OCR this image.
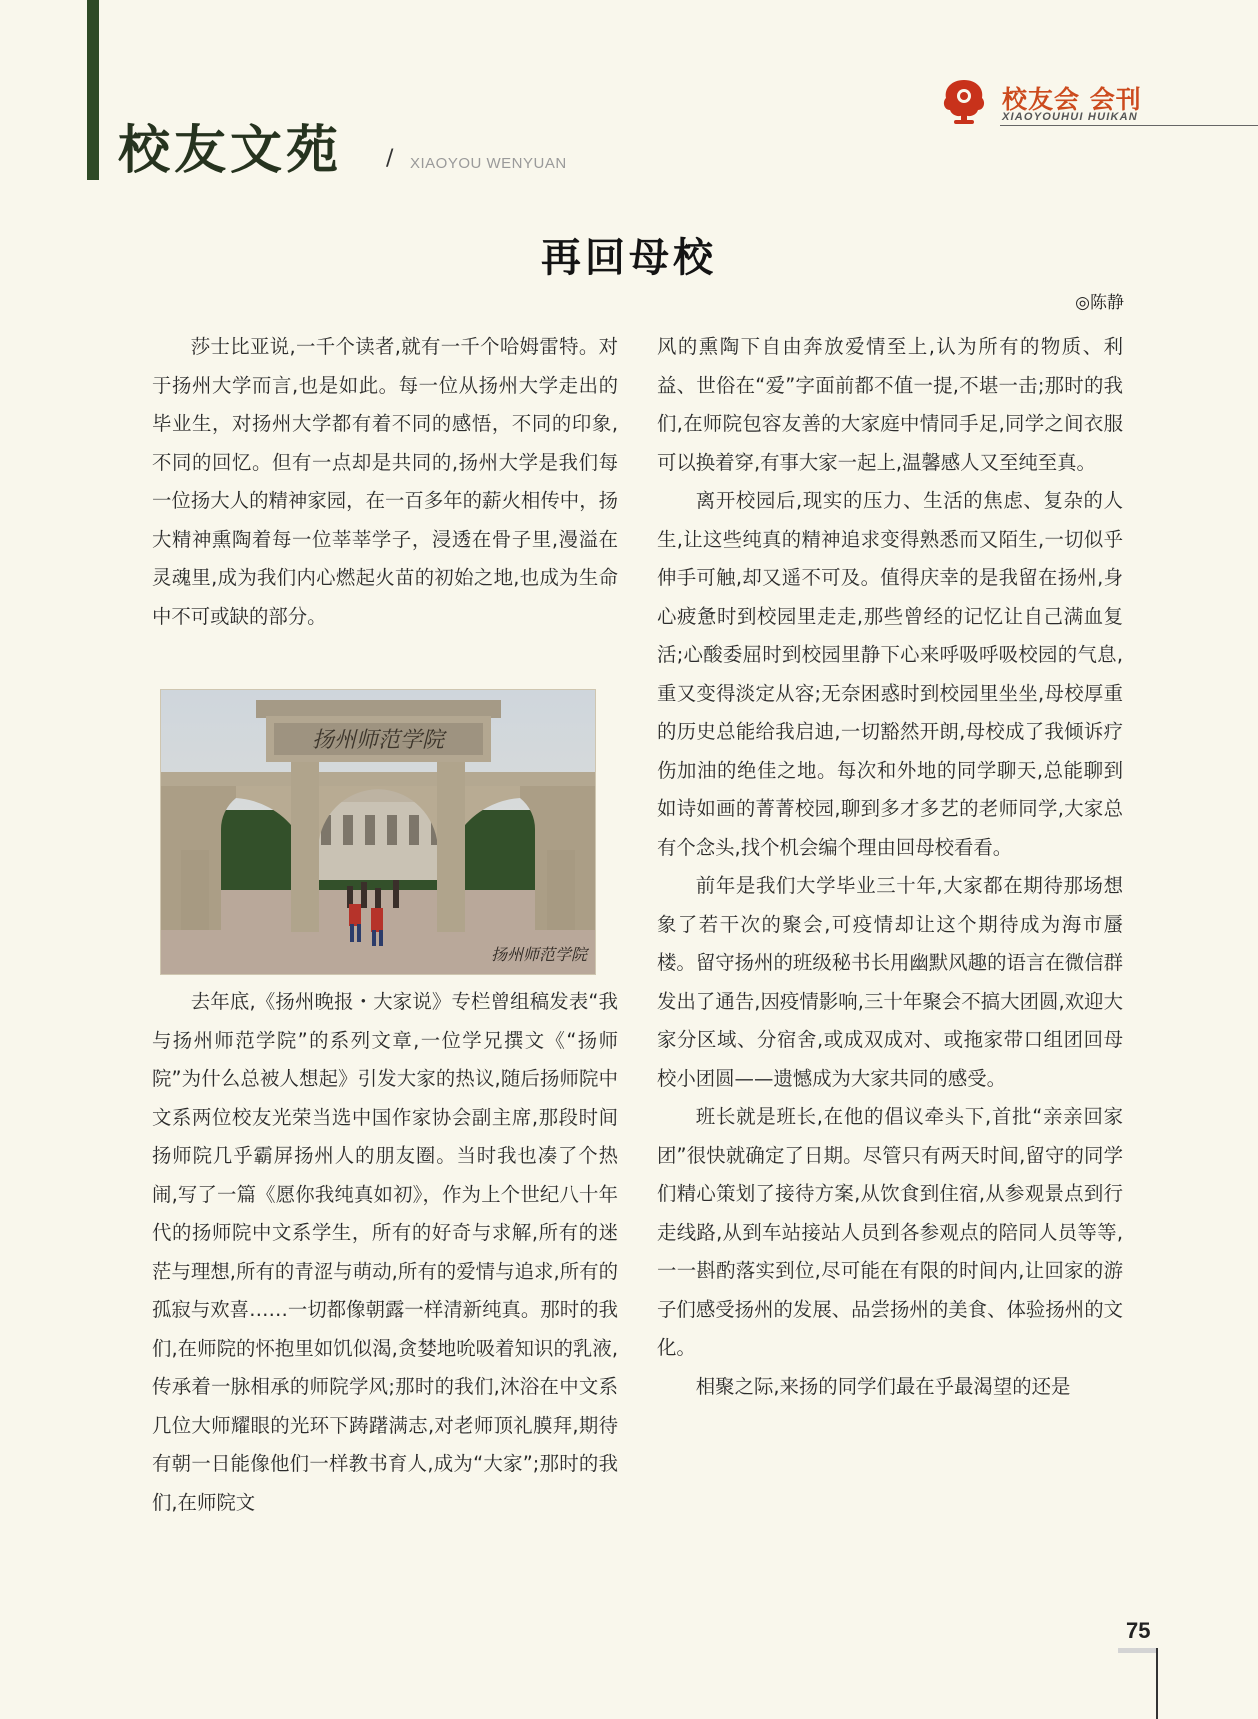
校友文苑 / XIAOYOU WENYUAN
校友会 会刊
XIAOYOUHUI HUIKAN
再回母校
◎陈静

莎士比亚说,一千个读者,就有一千个哈姆雷特。对于扬州大学而言,也是如此。每一位从扬州大学走出的毕业生，对扬州大学都有着不同的感悟，不同的印象,不同的回忆。但有一点却是共同的,扬州大学是我们每一位扬大人的精神家园，在一百多年的薪火相传中，扬大精神熏陶着每一位莘莘学子，浸透在骨子里,漫溢在灵魂里,成为我们内心燃起火苗的初始之地,也成为生命中不可或缺的部分。

扬州师范学院
扬州师范学院

去年底,《扬州晚报・大家说》专栏曾组稿发表“我与扬州师范学院”的系列文章,一位学兄撰文《“扬师院”为什么总被人想起》引发大家的热议,随后扬师院中文系两位校友光荣当选中国作家协会副主席,那段时间扬师院几乎霸屏扬州人的朋友圈。当时我也凑了个热闹,写了一篇《愿你我纯真如初》，作为上个世纪八十年代的扬师院中文系学生，所有的好奇与求解,所有的迷茫与理想,所有的青涩与萌动,所有的爱情与追求,所有的孤寂与欢喜……一切都像朝露一样清新纯真。那时的我们,在师院的怀抱里如饥似渴,贪婪地吮吸着知识的乳液,传承着一脉相承的师院学风;那时的我们,沐浴在中文系几位大师耀眼的光环下踌躇满志,对老师顶礼膜拜,期待有朝一日能像他们一样教书育人,成为“大家”;那时的我们,在师院文

风的熏陶下自由奔放爱情至上,认为所有的物质、利益、世俗在“爱”字面前都不值一提,不堪一击;那时的我们,在师院包容友善的大家庭中情同手足,同学之间衣服可以换着穿,有事大家一起上,温馨感人又至纯至真。

离开校园后,现实的压力、生活的焦虑、复杂的人生,让这些纯真的精神追求变得熟悉而又陌生,一切似乎伸手可触,却又遥不可及。值得庆幸的是我留在扬州,身心疲惫时到校园里走走,那些曾经的记忆让自己满血复活;心酸委屈时到校园里静下心来呼吸呼吸校园的气息,重又变得淡定从容;无奈困惑时到校园里坐坐,母校厚重的历史总能给我启迪,一切豁然开朗,母校成了我倾诉疗伤加油的绝佳之地。每次和外地的同学聊天,总能聊到如诗如画的菁菁校园,聊到多才多艺的老师同学,大家总有个念头,找个机会编个理由回母校看看。

前年是我们大学毕业三十年,大家都在期待那场想象了若干次的聚会,可疫情却让这个期待成为海市蜃楼。留守扬州的班级秘书长用幽默风趣的语言在微信群发出了通告,因疫情影响,三十年聚会不搞大团圆,欢迎大家分区域、分宿舍,或成双成对、或拖家带口组团回母校小团圆——遗憾成为大家共同的感受。

班长就是班长,在他的倡议牵头下,首批“亲亲回家团”很快就确定了日期。尽管只有两天时间,留守的同学们精心策划了接待方案,从饮食到住宿,从参观景点到行走线路,从到车站接站人员到各参观点的陪同人员等等,一一斟酌落实到位,尽可能在有限的时间内,让回家的游子们感受扬州的发展、品尝扬州的美食、体验扬州的文化。

相聚之际,来扬的同学们最在乎最渴望的还是

75
